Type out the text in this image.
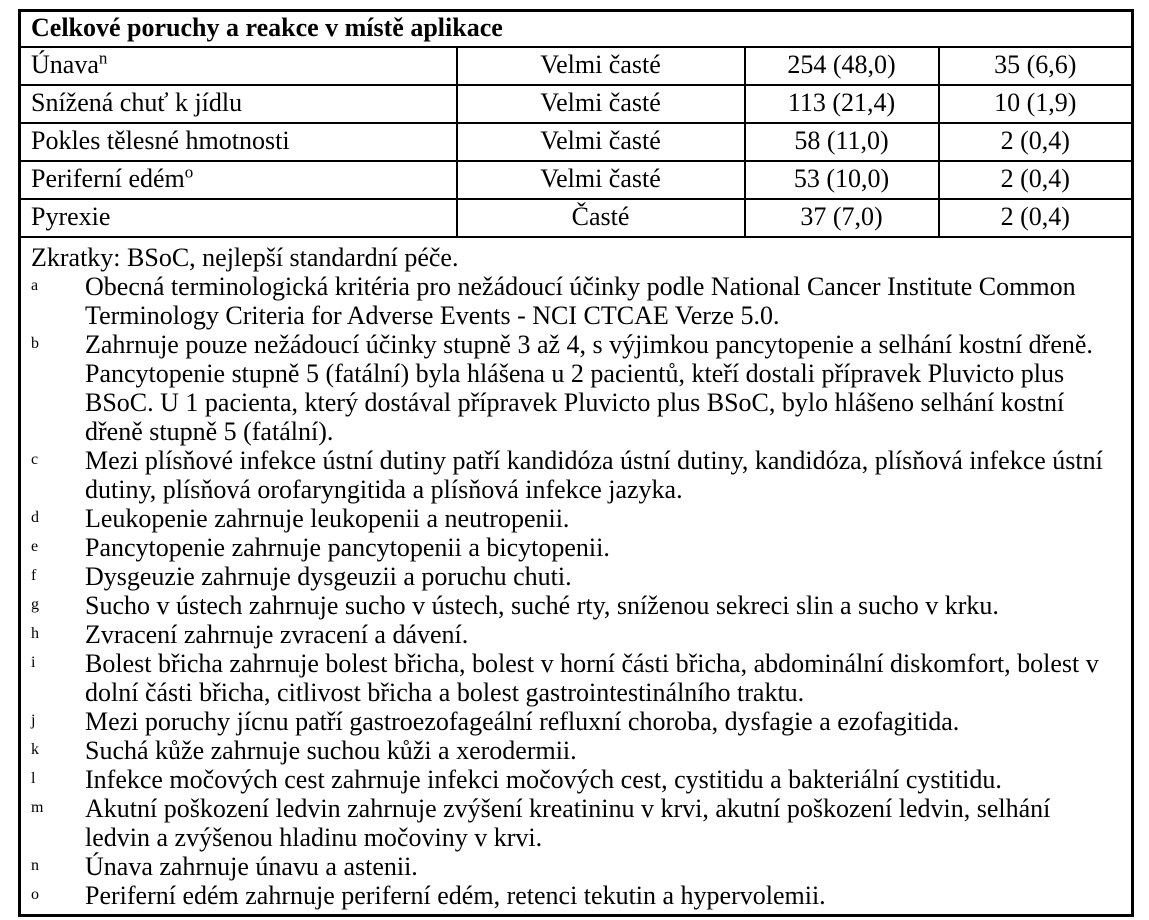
Celkové poruchy a reakce v místě aplikace			
Únava$^n$	Velmi časté	254 (48,0)	35 (6,6)
Snížená chuť k jídlu	Velmi časté	113 (21,4)	10 (1,9)
Pokles tělesné hmotnosti	Velmi časté	58 (11,0)	2 (0,4)
Periferní edém$^o$	Velmi časté	53 (10,0)	2 (0,4)
Pyrexie	Časté	37 (7,0)	2 (0,4)

Zkratky: BSoC, nejlepší standardní péče.
a Obecná terminologická kritéria pro nežádoucí účinky podle National Cancer Institute Common Terminology Criteria for Adverse Events - NCI CTCAE Verze 5.0.
b Zahrnuje pouze nežádoucí účinky stupně 3 až 4, s výjimkou pancytopenie a selhání kostní dřeně. Pancytopenie stupně 5 (fatální) byla hlášena u 2 pacientů, kteří dostali přípravek Pluvicto plus BSoC. U 1 pacienta, který dostával přípravek Pluvicto plus BSoC, bylo hlášeno selhání kostní dřeně stupně 5 (fatální).
c Mezi plísňové infekce ústní dutiny patří kandidóza ústní dutiny, kandidóza, plísňová infekce ústní dutiny, plísňová orofaryngitida a plísňová infekce jazyka.
d Leukopenie zahrnuje leukopenii a neutropenii.
e Pancytopenie zahrnuje pancytopenii a bicytopenii.
f Dysgeuzie zahrnuje dysgeuzii a poruchu chuti.
g Sucho v ústech zahrnuje sucho v ústech, suché rty, sníženou sekreci slin a sucho v krku.
h Zvracení zahrnuje zvracení a dávení.
i Bolest břicha zahrnuje bolest břicha, bolest v horní části břicha, abdominální diskomfort, bolest v dolní části břicha, citlivost břicha a bolest gastrointestinálního traktu.
j Mezi poruchy jícnu patří gastroezofageální refluxní choroba, dysfagie a ezofagitida.
k Suchá kůže zahrnuje suchou kůži a xerodermii.
l Infekce močových cest zahrnuje infekci močových cest, cystitidu a bakteriální cystitidu.
m Akutní poškození ledvin zahrnuje zvýšení kreatininu v krvi, akutní poškození ledvin, selhání ledvin a zvýšenou hladinu močoviny v krvi.
n Únava zahrnuje únavu a astenii.
o Periferní edém zahrnuje periferní edém, retenci tekutin a hypervolemii.
